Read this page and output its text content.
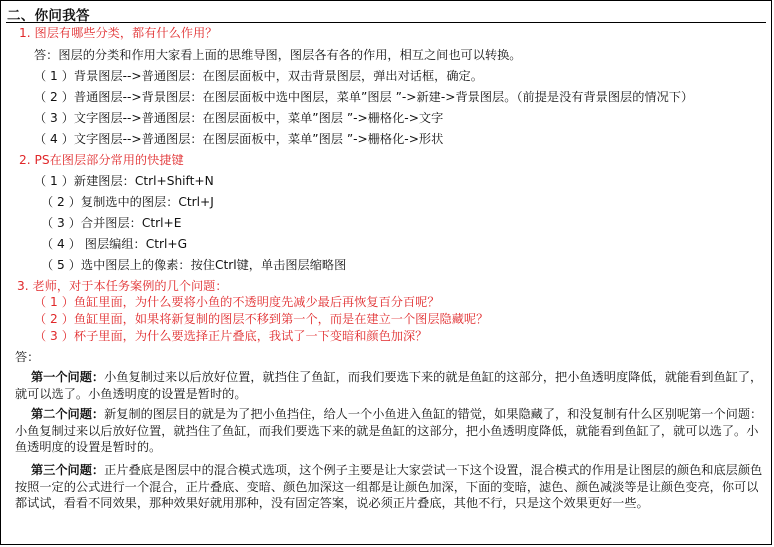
二、你问我答
1. 图层有哪些分类，都有什么作用？
答：图层的分类和作用大家看上面的思维导图，图层各有各的作用，相互之间也可以转换。
（ 1 ）背景图层-->普通图层：在图层面板中，双击背景图层，弹出对话框，确定。
（ 2 ）普通图层-->背景图层：在图层面板中选中图层，菜单”图层 ”->新建->背景图层。（前提是没有背景图层的情况下）
（ 3 ）文字图层-->普通图层：在图层面板中，菜单”图层 ”->栅格化->文字
（ 4 ）文字图层-->普通图层：在图层面板中，菜单”图层 ”->栅格化->形状
2. PS在图层部分常用的快捷键
（ 1 ）新建图层：Ctrl+Shift+N
（ 2 ）复制选中的图层：Ctrl+J
（ 3 ）合并图层：Ctrl+E
（ 4 ） 图层编组：Ctrl+G
（ 5 ）选中图层上的像素：按住Ctrl键，单击图层缩略图
3. 老师，对于本任务案例的几个问题：
（ 1 ）鱼缸里面，为什么要将小鱼的不透明度先减少最后再恢复百分百呢？
（ 2 ）鱼缸里面，如果将新复制的图层不移到第一个，而是在建立一个图层隐藏呢？
（ 3 ）杯子里面，为什么要选择正片叠底，我试了一下变暗和颜色加深？
答：
第一个问题：小鱼复制过来以后放好位置，就挡住了鱼缸，而我们要选下来的就是鱼缸的这部分，把小鱼透明度降低，就能看到鱼缸了，就可以选了。小鱼透明度的设置是暂时的。
第二个问题：新复制的图层目的就是为了把小鱼挡住，给人一个小鱼进入鱼缸的错觉，如果隐藏了，和没复制有什么区别呢第一个问题：小鱼复制过来以后放好位置，就挡住了鱼缸，而我们要选下来的就是鱼缸的这部分，把小鱼透明度降低，就能看到鱼缸了，就可以选了。小鱼透明度的设置是暂时的。
第三个问题：正片叠底是图层中的混合模式选项，这个例子主要是让大家尝试一下这个设置，混合模式的作用是让图层的颜色和底层颜色按照一定的公式进行一个混合，正片叠底、变暗、颜色加深这一组都是让颜色加深，下面的变暗，滤色、颜色减淡等是让颜色变亮，你可以都试试，看看不同效果，那种效果好就用那种，没有固定答案，说必须正片叠底，其他不行，只是这个效果更好一些。
